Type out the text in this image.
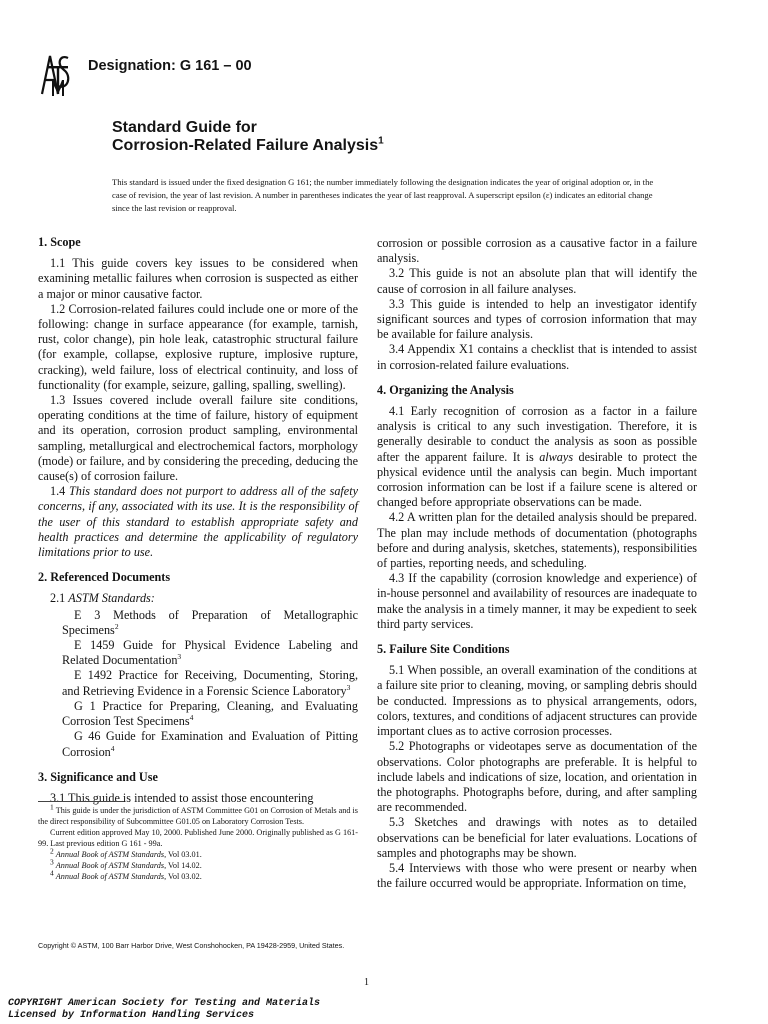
Designation: G 161 – 00
Standard Guide for
Corrosion-Related Failure Analysis$^1$
This standard is issued under the fixed designation G 161; the number immediately following the designation indicates the year of original adoption or, in the case of revision, the year of last revision. A number in parentheses indicates the year of last reapproval. A superscript epsilon (ε) indicates an editorial change since the last revision or reapproval.
1. Scope

1.1 This guide covers key issues to be considered when examining metallic failures when corrosion is suspected as either a major or minor causative factor.

1.2 Corrosion-related failures could include one or more of the following: change in surface appearance (for example, tarnish, rust, color change), pin hole leak, catastrophic structural failure (for example, collapse, explosive rupture, implosive rupture, cracking), weld failure, loss of electrical continuity, and loss of functionality (for example, seizure, galling, spalling, swelling).

1.3 Issues covered include overall failure site conditions, operating conditions at the time of failure, history of equipment and its operation, corrosion product sampling, environmental sampling, metallurgical and electrochemical factors, morphology (mode) or failure, and by considering the preceding, deducing the cause(s) of corrosion failure.

1.4 This standard does not purport to address all of the safety concerns, if any, associated with its use. It is the responsibility of the user of this standard to establish appropriate safety and health practices and determine the applicability of regulatory limitations prior to use.

2. Referenced Documents

2.1 ASTM Standards:

E 3 Methods of Preparation of Metallographic Specimens$^2$

E 1459 Guide for Physical Evidence Labeling and Related Documentation$^3$

E 1492 Practice for Receiving, Documenting, Storing, and Retrieving Evidence in a Forensic Science Laboratory$^3$

G 1 Practice for Preparing, Cleaning, and Evaluating Corrosion Test Specimens$^4$

G 46 Guide for Examination and Evaluation of Pitting Corrosion$^4$

3. Significance and Use

3.1 This guide is intended to assist those encountering

$^1$ This guide is under the jurisdiction of ASTM Committee G01 on Corrosion of Metals and is the direct responsibility of Subcommittee G01.05 on Laboratory Corrosion Tests.

Current edition approved May 10, 2000. Published June 2000. Originally published as G 161- 99. Last previous edition G 161 - 99a.

$^2$ Annual Book of ASTM Standards, Vol 03.01.

$^3$ Annual Book of ASTM Standards, Vol 14.02.

$^4$ Annual Book of ASTM Standards, Vol 03.02.

corrosion or possible corrosion as a causative factor in a failure analysis.

3.2 This guide is not an absolute plan that will identify the cause of corrosion in all failure analyses.

3.3 This guide is intended to help an investigator identify significant sources and types of corrosion information that may be available for failure analysis.

3.4 Appendix X1 contains a checklist that is intended to assist in corrosion-related failure evaluations.

4. Organizing the Analysis

4.1 Early recognition of corrosion as a factor in a failure analysis is critical to any such investigation. Therefore, it is generally desirable to conduct the analysis as soon as possible after the apparent failure. It is always desirable to protect the physical evidence until the analysis can begin. Much important corrosion information can be lost if a failure scene is altered or changed before appropriate observations can be made.

4.2 A written plan for the detailed analysis should be prepared. The plan may include methods of documentation (photographs before and during analysis, sketches, statements), responsibilities of parties, reporting needs, and scheduling.

4.3 If the capability (corrosion knowledge and experience) of in-house personnel and availability of resources are inadequate to make the analysis in a timely manner, it may be expedient to seek third party services.

5. Failure Site Conditions

5.1 When possible, an overall examination of the conditions at a failure site prior to cleaning, moving, or sampling debris should be conducted. Impressions as to physical arrangements, odors, colors, textures, and conditions of adjacent structures can provide important clues as to active corrosion processes.

5.2 Photographs or videotapes serve as documentation of the observations. Color photographs are preferable. It is helpful to include labels and indications of size, location, and orientation in the photographs. Photographs before, during, and after sampling are recommended.

5.3 Sketches and drawings with notes as to detailed observations can be beneficial for later evaluations. Locations of samples and photographs may be shown.

5.4 Interviews with those who were present or nearby when the failure occurred would be appropriate. Information on time,

Copyright © ASTM, 100 Barr Harbor Drive, West Conshohocken, PA 19428-2959, United States.
1
COPYRIGHT American Society for Testing and Materials
Licensed by Information Handling Services
